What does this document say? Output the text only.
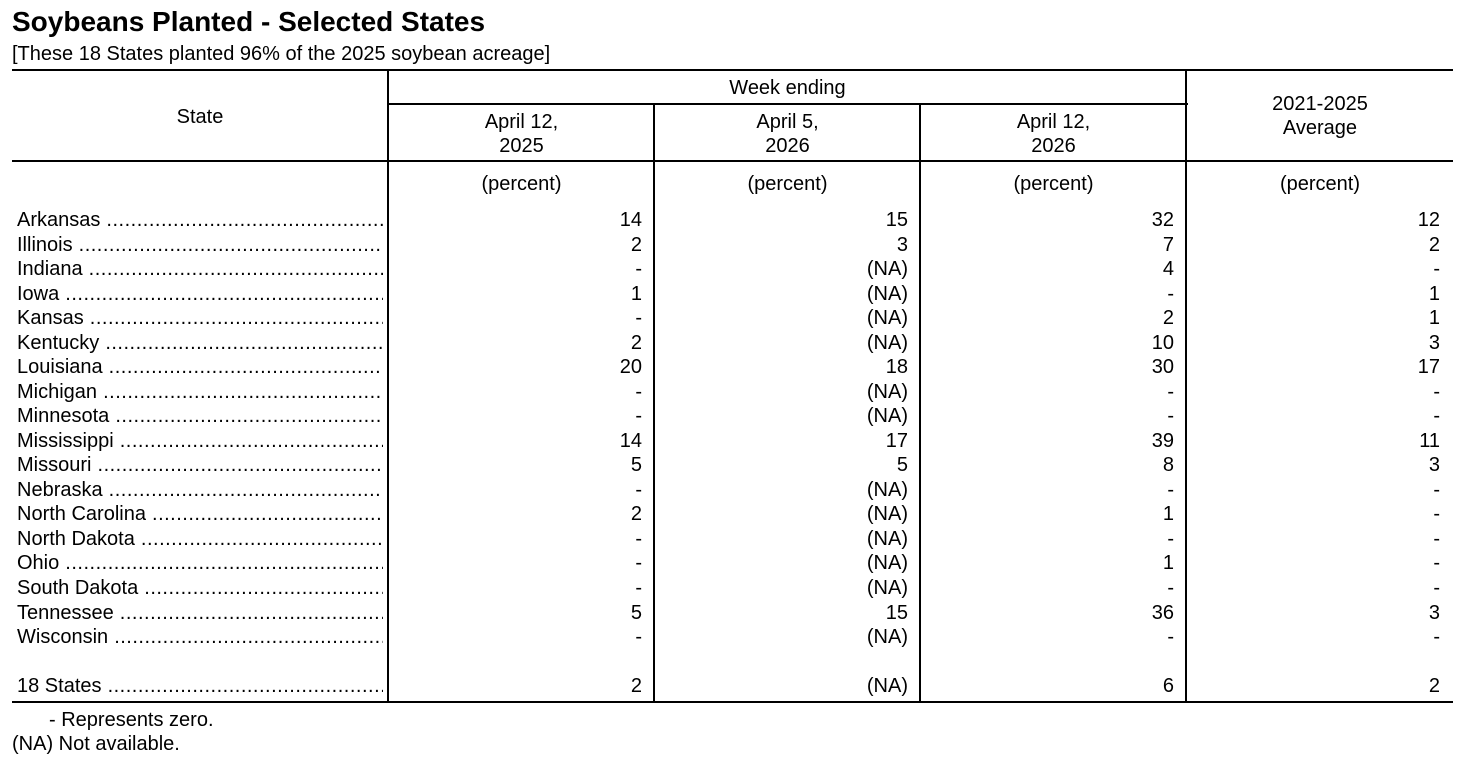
Soybeans Planted - Selected States
[These 18 States planted 96% of the 2025 soybean acreage]
State
Week ending
April 12,
2025
April 5,
2026
April 12,
2026
2021-2025
Average
(percent)	(percent)	(percent)	(percent)
Arkansas .....	14	15	32	12
Illinois .....	2	3	7	2
Indiana .....	-	(NA)	4	-
Iowa .....	1	(NA)	-	1
Kansas .....	-	(NA)	2	1
Kentucky .....	2	(NA)	10	3
Louisiana .....	20	18	30	17
Michigan .....	-	(NA)	-	-
Minnesota .....	-	(NA)	-	-
Mississippi .....	14	17	39	11
Missouri .....	5	5	8	3
Nebraska .....	-	(NA)	-	-
North Carolina .....	2	(NA)	1	-
North Dakota .....	-	(NA)	-	-
Ohio .....	-	(NA)	1	-
South Dakota .....	-	(NA)	-	-
Tennessee .....	5	15	36	3
Wisconsin .....	-	(NA)	-	-
18 States .....	2	(NA)	6	2
- Represents zero.
(NA) Not available.
